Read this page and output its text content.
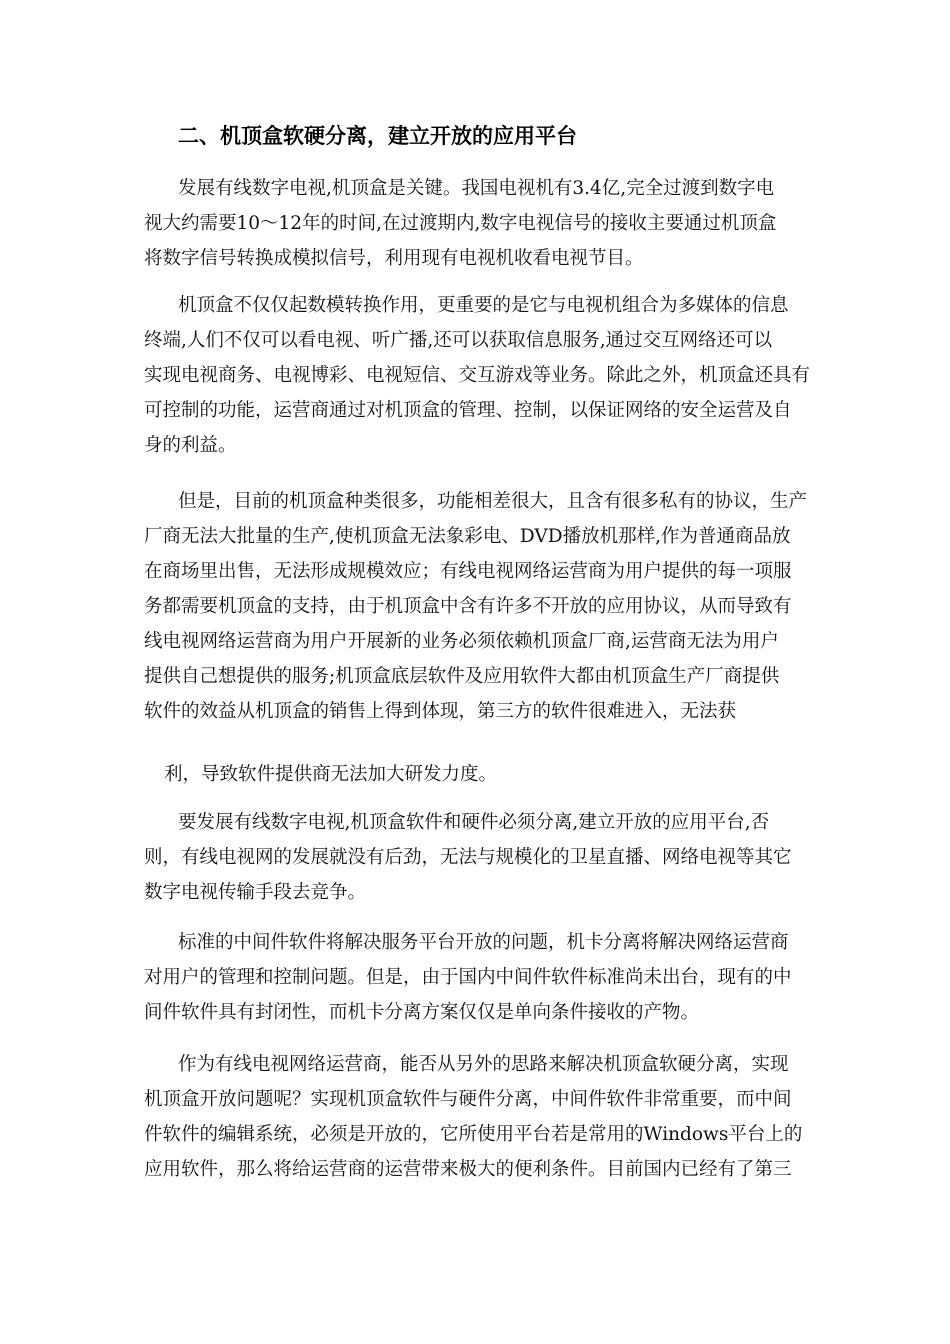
二、机顶盒软硬分离，建立开放的应用平台
发展有线数字电视,机顶盒是关键。我国电视机有3.4亿,完全过渡到数字电
视大约需要10～12年的时间,在过渡期内,数字电视信号的接收主要通过机顶盒
将数字信号转换成模拟信号，利用现有电视机收看电视节目。
机顶盒不仅仅起数模转换作用，更重要的是它与电视机组合为多媒体的信息
终端,人们不仅可以看电视、听广播,还可以获取信息服务,通过交互网络还可以
实现电视商务、电视博彩、电视短信、交互游戏等业务。除此之外，机顶盒还具有
可控制的功能，运营商通过对机顶盒的管理、控制，以保证网络的安全运营及自
身的利益。
但是，目前的机顶盒种类很多，功能相差很大，且含有很多私有的协议，生产
厂商无法大批量的生产,使机顶盒无法象彩电、DVD播放机那样,作为普通商品放
在商场里出售，无法形成规模效应；有线电视网络运营商为用户提供的每一项服
务都需要机顶盒的支持，由于机顶盒中含有许多不开放的应用协议，从而导致有
线电视网络运营商为用户开展新的业务必须依赖机顶盒厂商,运营商无法为用户
提供自己想提供的服务;机顶盒底层软件及应用软件大都由机顶盒生产厂商提供
软件的效益从机顶盒的销售上得到体现，第三方的软件很难进入，无法获
利，导致软件提供商无法加大研发力度。
要发展有线数字电视,机顶盒软件和硬件必须分离,建立开放的应用平台,否
则，有线电视网的发展就没有后劲，无法与规模化的卫星直播、网络电视等其它
数字电视传输手段去竞争。
标准的中间件软件将解决服务平台开放的问题，机卡分离将解决网络运营商
对用户的管理和控制问题。但是，由于国内中间件软件标准尚未出台，现有的中
间件软件具有封闭性，而机卡分离方案仅仅是单向条件接收的产物。
作为有线电视网络运营商，能否从另外的思路来解决机顶盒软硬分离，实现
机顶盒开放问题呢？实现机顶盒软件与硬件分离，中间件软件非常重要，而中间
件软件的编辑系统，必须是开放的，它所使用平台若是常用的Windows平台上的
应用软件，那么将给运营商的运营带来极大的便利条件。目前国内已经有了第三
